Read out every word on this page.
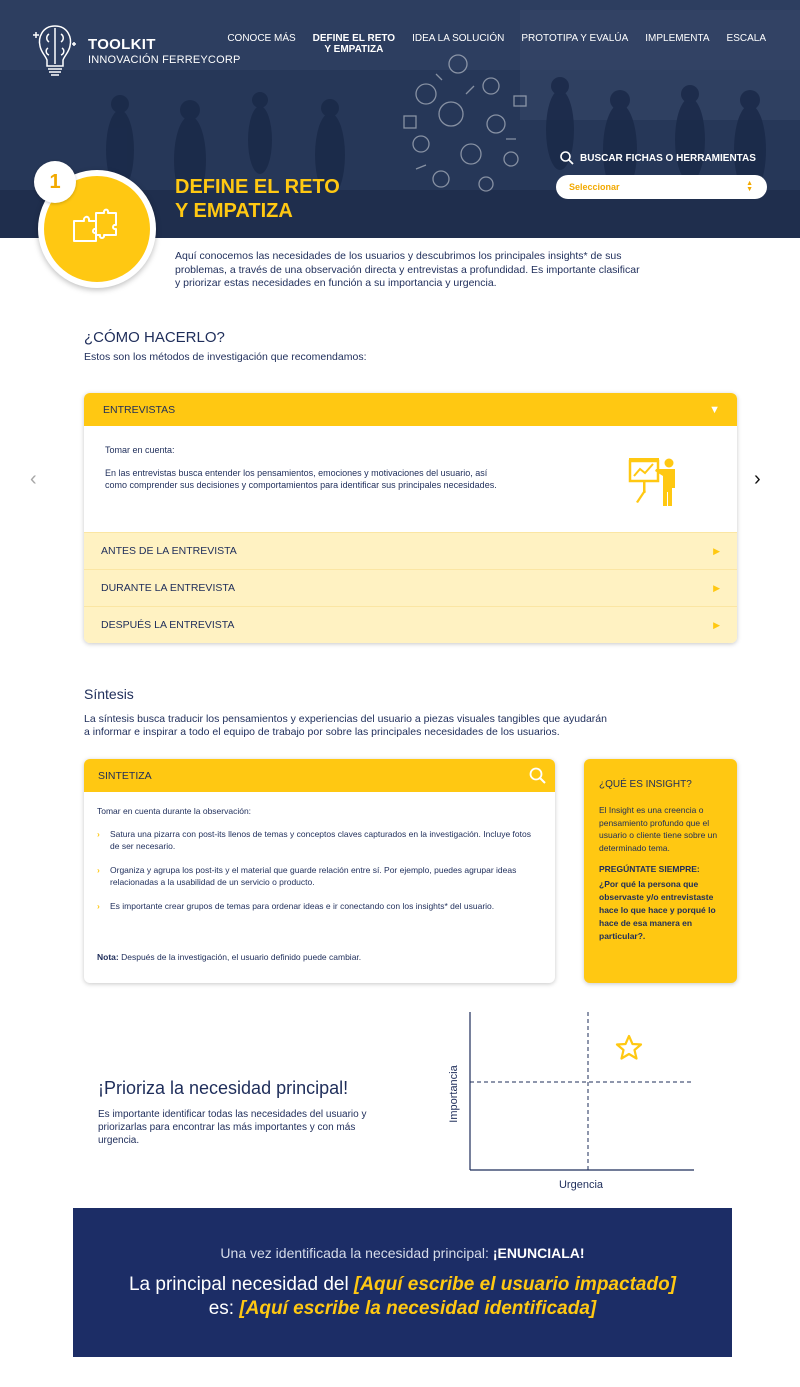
TOOLKIT
INNOVACIÓN FERREYCORP
CONOCE MÁS DEFINE EL RETO
Y EMPATIZA
IDEA LA SOLUCIÓN PROTOTIPA Y EVALÚA IMPLEMENTA ESCALA
BUSCAR FICHAS O HERRAMIENTAS
Seleccionar	▲
▼
DEFINE EL RETO
Y EMPATIZA
1
Aquí conocemos las necesidades de los usuarios y descubrimos los principales insights* de sus problemas, a través de una observación directa y entrevistas a profundidad. Es importante clasificar y priorizar estas necesidades en función a su importancia y urgencia.
¿CÓMO HACERLO?
Estos son los métodos de investigación que recomendamos:
‹	›
ENTREVISTAS	▼
Tomar en cuenta:
En las entrevistas busca entender los pensamientos, emociones y motivaciones del usuario, así como comprender sus decisiones y comportamientos para identificar sus principales necesidades.
ANTES DE LA ENTREVISTA	▶
DURANTE LA ENTREVISTA	▶
DESPUÉS LA ENTREVISTA	▶
Síntesis
La síntesis busca traducir los pensamientos y experiencias del usuario a piezas visuales tangibles que ayudarán
a informar e inspirar a todo el equipo de trabajo por sobre las principales necesidades de los usuarios.
SINTETIZA
Tomar en cuenta durante la observación:
› Satura una pizarra con post-its llenos de temas y conceptos claves capturados en la investigación. Incluye fotos de ser necesario.
› Organiza y agrupa los post-its y el material que guarde relación entre sí. Por ejemplo, puedes agrupar ideas relacionadas a la usabilidad de un servicio o producto.
› Es importante crear grupos de temas para ordenar ideas e ir conectando con los insights* del usuario.
Nota: Después de la investigación, el usuario definido puede cambiar.
¿QUÉ ES INSIGHT?
El Insight es una creencia o pensamiento profundo que el usuario o cliente tiene sobre un determinado tema.
PREGÚNTATE SIEMPRE:
¿Por qué la persona que observaste y/o entrevistaste hace lo que hace y porqué lo hace de esa manera en particular?.
¡Prioriza la necesidad principal!
Es importante identificar todas las necesidades del usuario y priorizarlas para encontrar las más importantes y con más urgencia.
Importancia
Urgencia
Una vez identificada la necesidad principal: ¡ENUNCIALA!
La principal necesidad del [Aquí escribe el usuario impactado]
es: [Aquí escribe la necesidad identificada]
